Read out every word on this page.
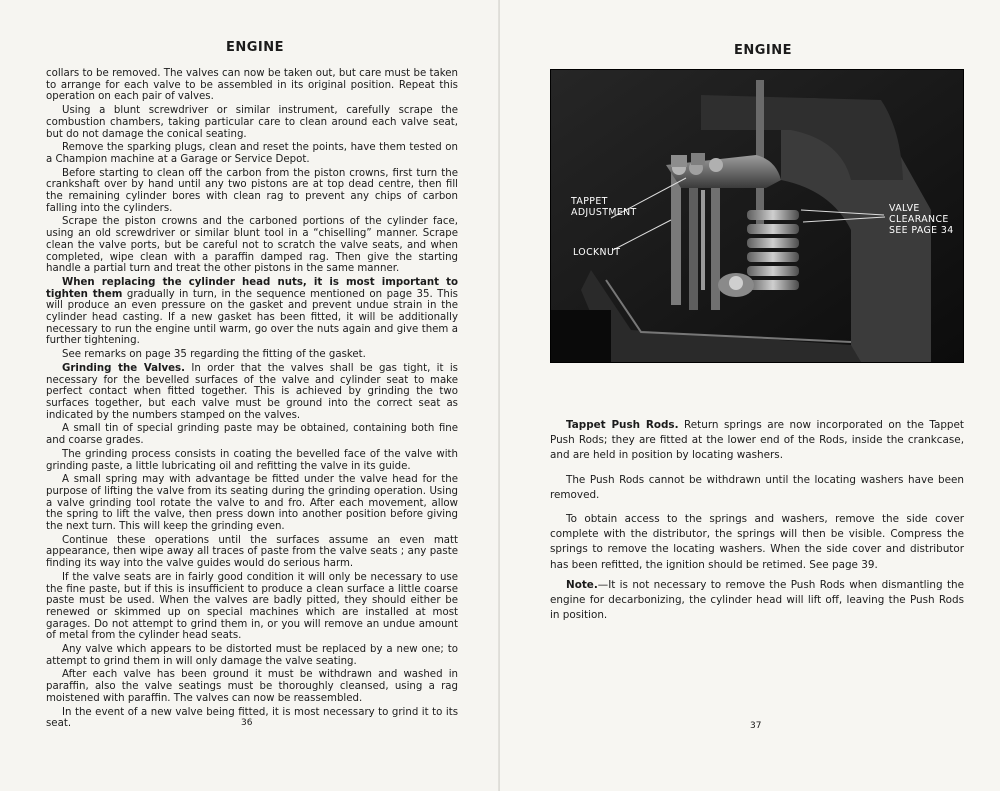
ENGINE

collars to be removed. The valves can now be taken out, but care must be taken to arrange for each valve to be assembled in its original position. Repeat this operation on each pair of valves.

Using a blunt screwdriver or similar instrument, carefully scrape the combustion chambers, taking particular care to clean around each valve seat, but do not damage the conical seating.

Remove the sparking plugs, clean and reset the points, have them tested on a Champion machine at a Garage or Service Depot.

Before starting to clean off the carbon from the piston crowns, first turn the crankshaft over by hand until any two pistons are at top dead centre, then fill the remaining cylinder bores with clean rag to prevent any chips of carbon falling into the cylinders.

Scrape the piston crowns and the carboned portions of the cylinder face, using an old screwdriver or similar blunt tool in a “chiselling” manner. Scrape clean the valve ports, but be careful not to scratch the valve seats, and when completed, wipe clean with a paraffin damped rag. Then give the starting handle a partial turn and treat the other pistons in the same manner.

When replacing the cylinder head nuts, it is most important to tighten them gradually in turn, in the sequence mentioned on page 35. This will produce an even pressure on the gasket and prevent undue strain in the cylinder head casting. If a new gasket has been fitted, it will be additionally necessary to run the engine until warm, go over the nuts again and give them a further tightening.

See remarks on page 35 regarding the fitting of the gasket.

Grinding the Valves. In order that the valves shall be gas tight, it is necessary for the bevelled surfaces of the valve and cylinder seat to make perfect contact when fitted together. This is achieved by grinding the two surfaces together, but each valve must be ground into the correct seat as indicated by the numbers stamped on the valves.

A small tin of special grinding paste may be obtained, containing both fine and coarse grades.

The grinding process consists in coating the bevelled face of the valve with grinding paste, a little lubricating oil and refitting the valve in its guide.

A small spring may with advantage be fitted under the valve head for the purpose of lifting the valve from its seating during the grinding operation. Using a valve grinding tool rotate the valve to and fro. After each movement, allow the spring to lift the valve, then press down into another position before giving the next turn. This will keep the grinding even.

Continue these operations until the surfaces assume an even matt appearance, then wipe away all traces of paste from the valve seats ; any paste finding its way into the valve guides would do serious harm.

If the valve seats are in fairly good condition it will only be necessary to use the fine paste, but if this is insufficient to produce a clean surface a little coarse paste must be used. When the valves are badly pitted, they should either be renewed or skimmed up on special machines which are installed at most garages. Do not attempt to grind them in, or you will remove an undue amount of metal from the cylinder head seats.

Any valve which appears to be distorted must be replaced by a new one; to attempt to grind them in will only damage the valve seating.

After each valve has been ground it must be withdrawn and washed in paraffin, also the valve seatings must be thoroughly cleansed, using a rag moistened with paraffin. The valves can now be reassembled.

In the event of a new valve being fitted, it is most necessary to grind it to its seat.	36
ENGINE
TAPPET
ADJUSTMENT
LOCKNUT
VALVE
CLEARANCE
SEE PAGE 34

Tappet Push Rods. Return springs are now incorporated on the Tappet Push Rods; they are fitted at the lower end of the Rods, inside the crankcase, and are held in position by locating washers.

The Push Rods cannot be withdrawn until the locating washers have been removed.

To obtain access to the springs and washers, remove the side cover complete with the distributor, the springs will then be visible. Compress the springs to remove the locating washers. When the side cover and distributor has been refitted, the ignition should be retimed. See page 39.

Note.—It is not necessary to remove the Push Rods when dismantling the engine for decarbonizing, the cylinder head will lift off, leaving the Push Rods in position.

37
